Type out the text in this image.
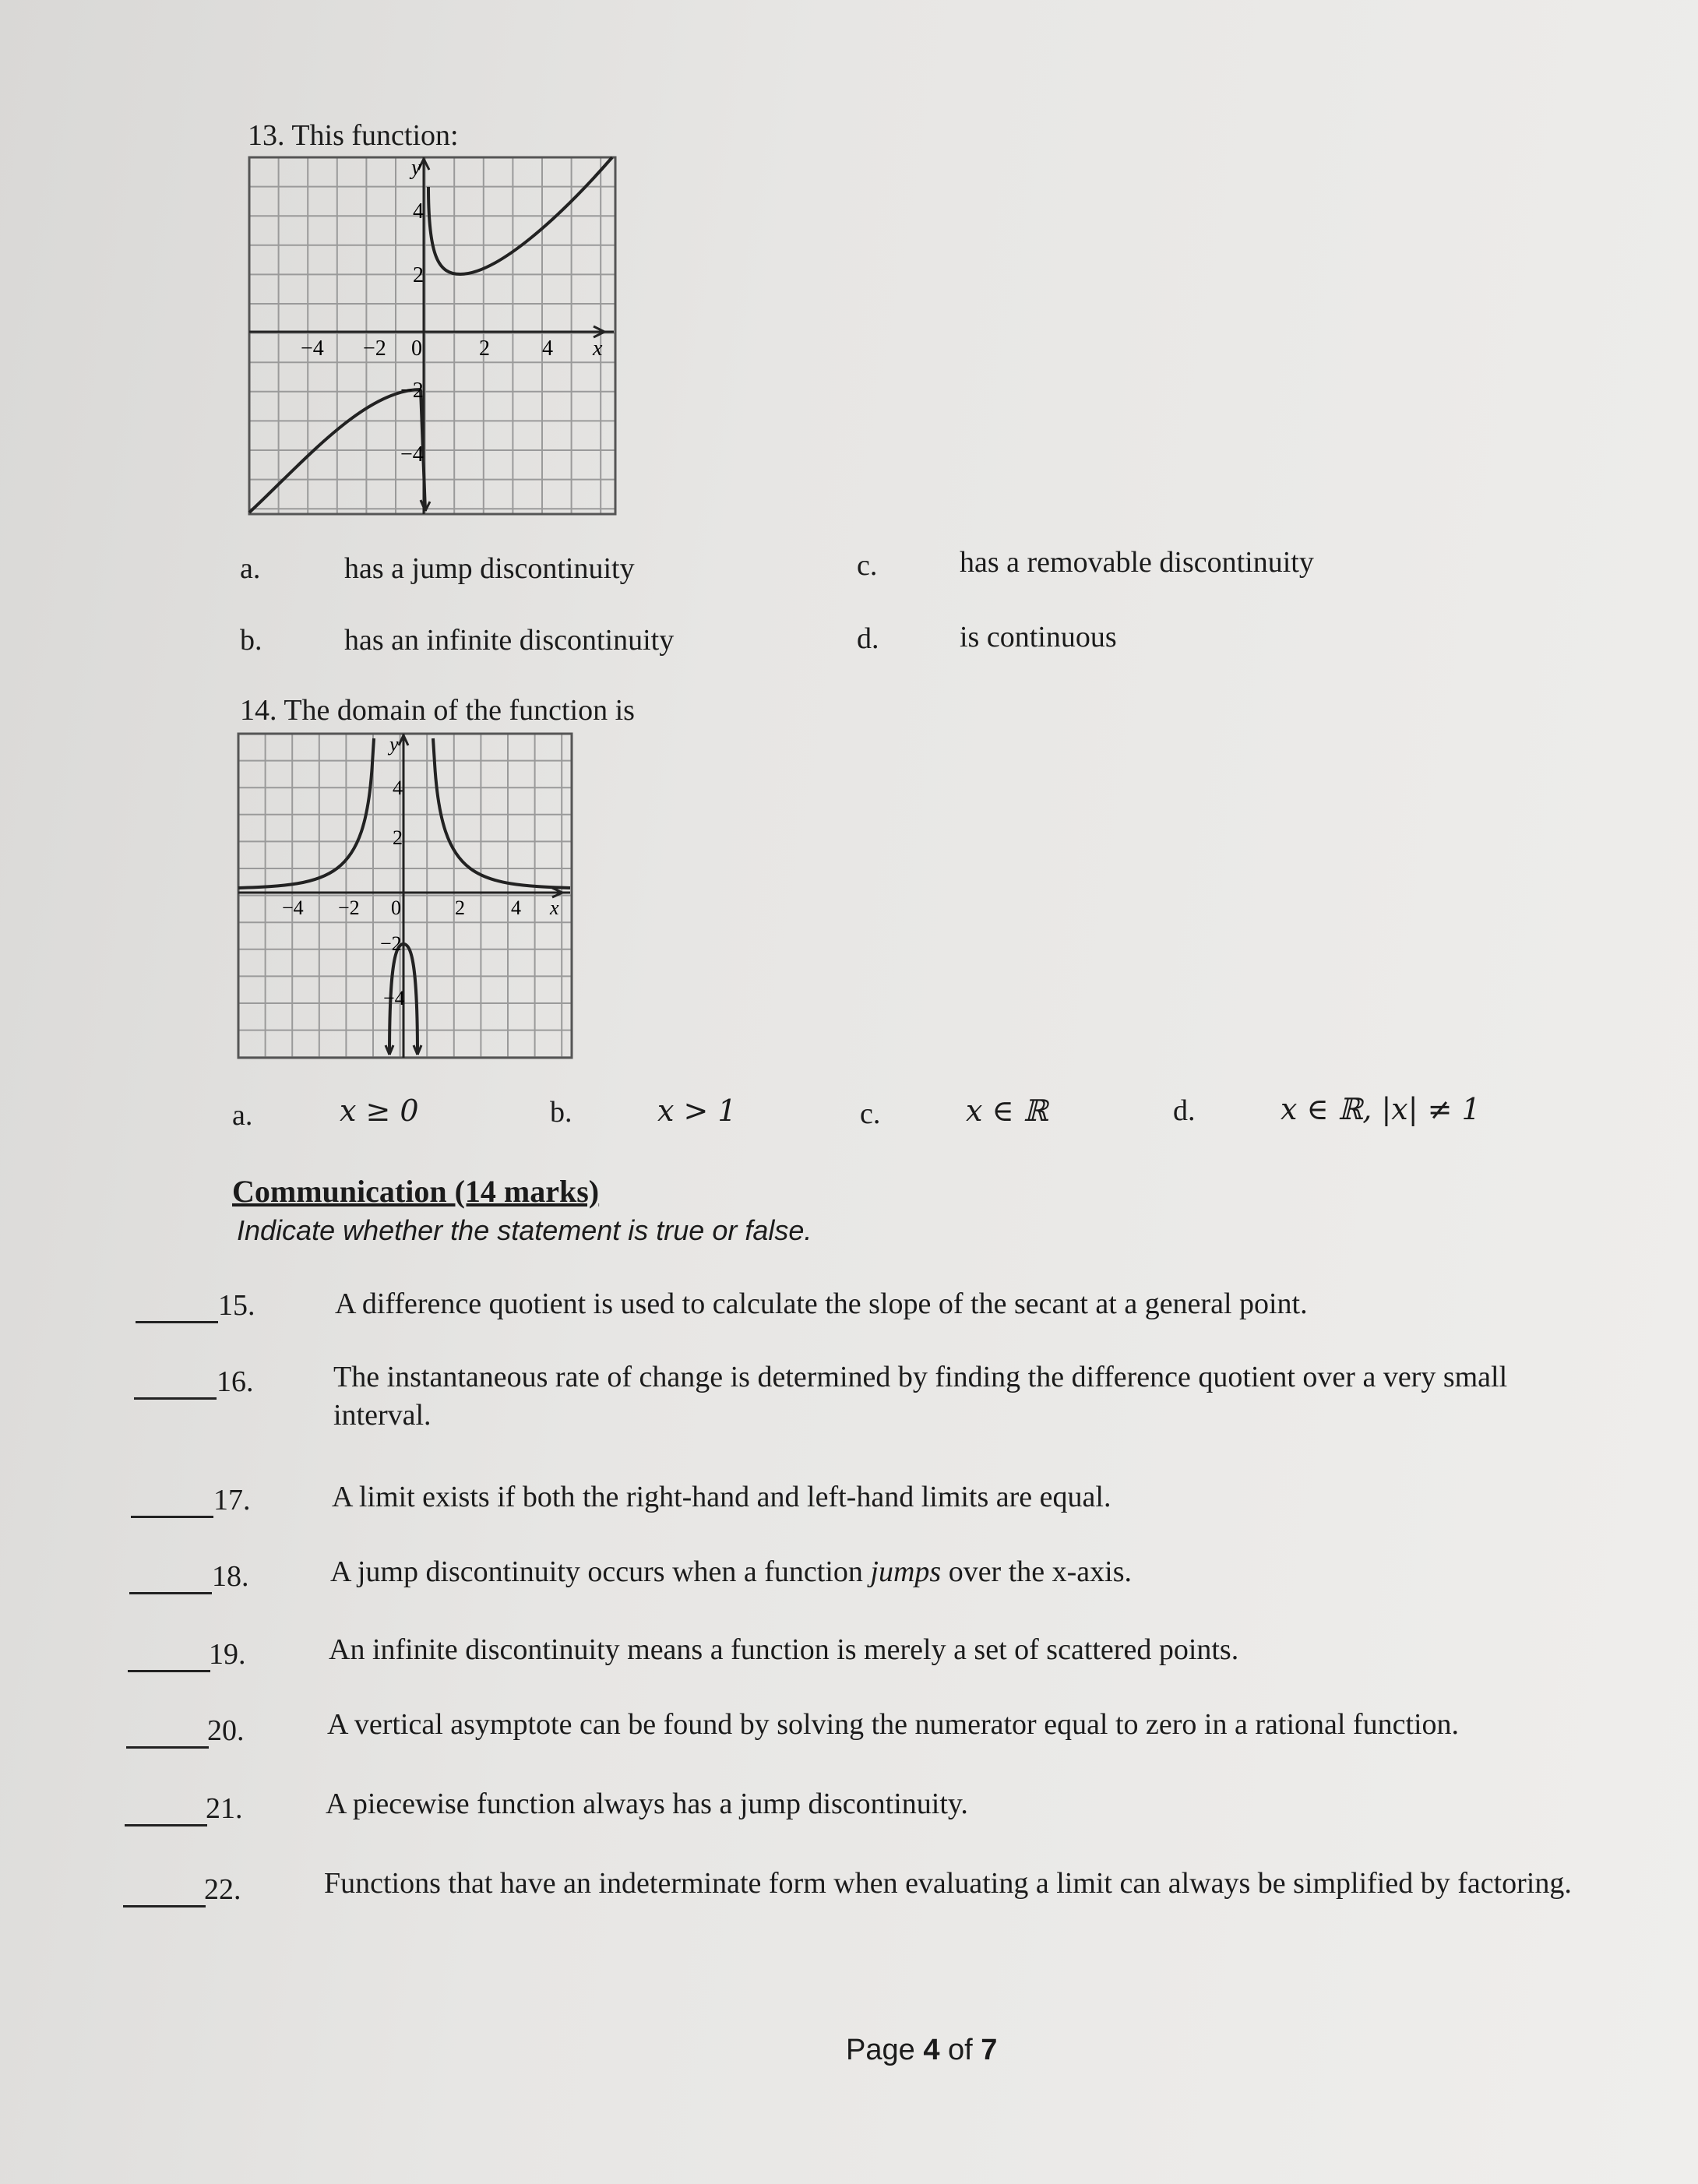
13. This function:
y
x
−4 −2 0	2 4
4
2
−2
−4
a.	has a jump discontinuity
b.	has an infinite discontinuity
c.	has a removable discontinuity
d.	is continuous
14. The domain of the function is
y
x
−4 −2 0	2 4
4
2
−2
−4
a.	x ≥ 0	b.	x > 1	c.	x ∈ ℝ	d.	x ∈ ℝ, |x| ≠ 1
Communication (14 marks)
Indicate whether the statement is true or false.
15.	A difference quotient is used to calculate the slope of the secant at a general point.
16.	The instantaneous rate of change is determined by finding the difference quotient over a very small interval.
17.	A limit exists if both the right-hand and left-hand limits are equal.
18.	A jump discontinuity occurs when a function jumps over the x-axis.
19.	An infinite discontinuity means a function is merely a set of scattered points.
20.	A vertical asymptote can be found by solving the numerator equal to zero in a rational function.
21.	A piecewise function always has a jump discontinuity.
22.	Functions that have an indeterminate form when evaluating a limit can always be simplified by factoring.
Page 4 of 7
